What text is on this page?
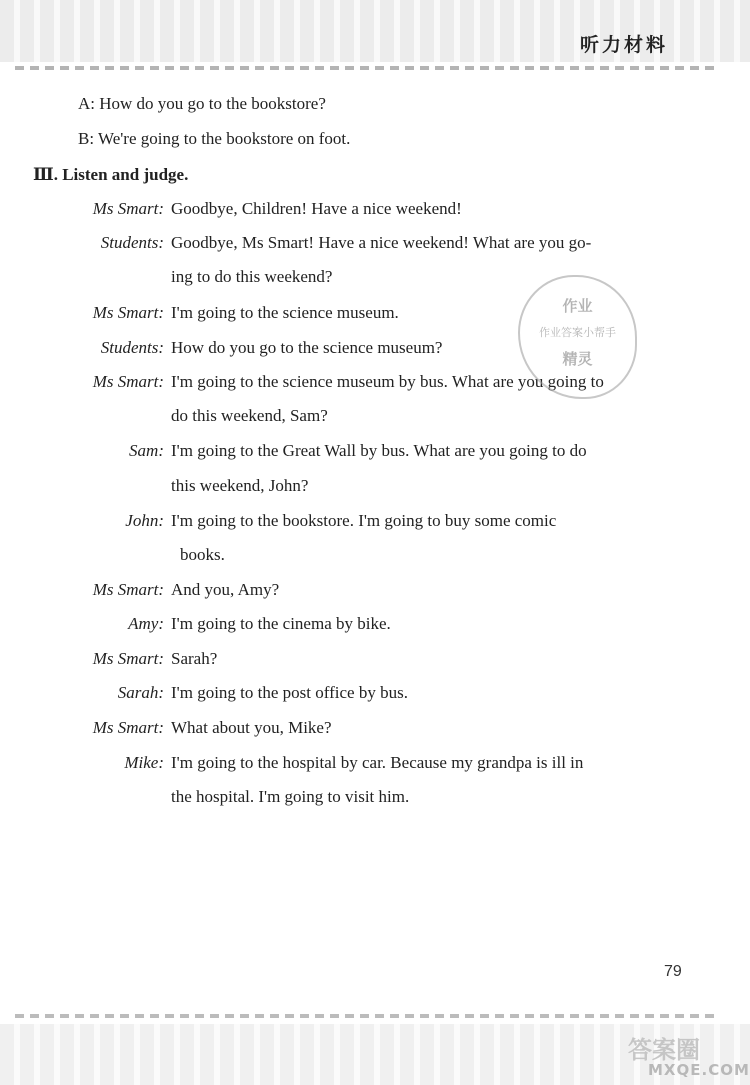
听力材料
A: How do you go to the bookstore?
B: We're going to the bookstore on foot.
Ⅲ. Listen and judge.
Ms Smart: Goodbye, Children! Have a nice weekend!
Students: Goodbye, Ms Smart! Have a nice weekend! What are you go-
ing to do this weekend?
Ms Smart: I'm going to the science museum.
Students: How do you go to the science museum?
Ms Smart: I'm going to the science museum by bus. What are you going to
do this weekend, Sam?
Sam: I'm going to the Great Wall by bus. What are you going to do
this weekend, John?
John: I'm going to the bookstore. I'm going to buy some comic
books.
Ms Smart: And you, Amy?
Amy: I'm going to the cinema by bike.
Ms Smart: Sarah?
Sarah: I'm going to the post office by bus.
Ms Smart: What about you, Mike?
Mike: I'm going to the hospital by car. Because my grandpa is ill in
the hospital. I'm going to visit him.
作业
作业答案小帮手
精灵
79
答案圈
MXQE.COM
